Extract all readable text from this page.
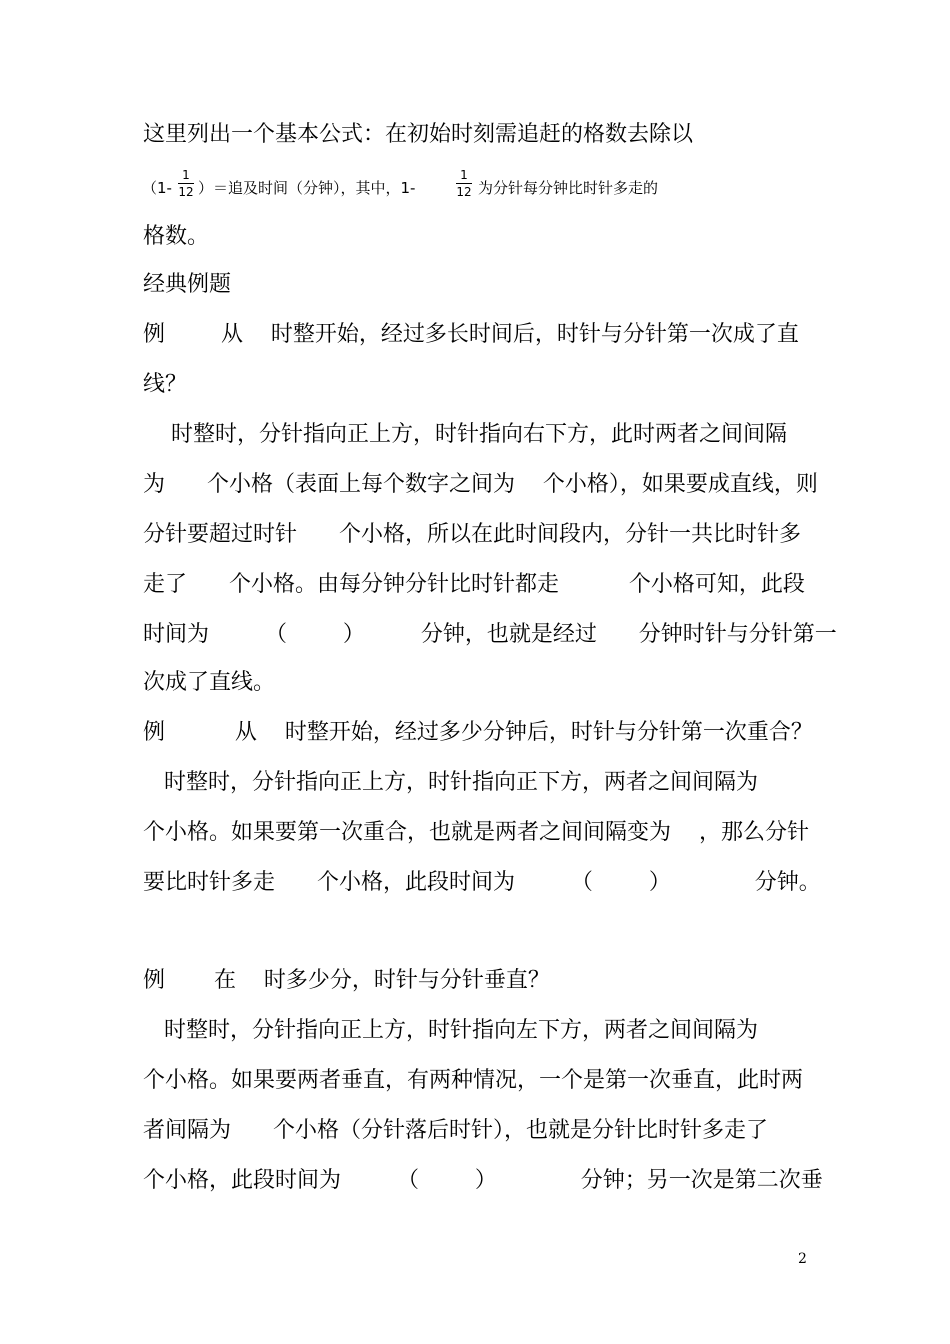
这里列出一个基本公式：在初始时刻需追赶的格数去除以
（1-
1
12 ）＝追及时间（分钟），其中，1-
1
12 为分针每分钟比时针多走的
格数。
经典例题
例        从    时整开始，经过多长时间后，时针与分针第一次成了直
线？
时整时，分针指向正上方，时针指向右下方，此时两者之间间隔
为      个小格（表面上每个数字之间为    个小格），如果要成直线，则
分针要超过时针      个小格，所以在此时间段内，分针一共比时针多
走了      个小格。由每分钟分针比时针都走          个小格可知，此段
时间为        （        ）        分钟，也就是经过      分钟时针与分针第一
次成了直线。
例          从    时整开始，经过多少分钟后，时针与分针第一次重合？
时整时，分针指向正上方，时针指向正下方，两者之间间隔为
个小格。如果要第一次重合，也就是两者之间间隔变为    ，那么分针
要比时针多走      个小格，此段时间为        （        ）            分钟。
例       在    时多少分，时针与分针垂直？
时整时，分针指向正上方，时针指向左下方，两者之间间隔为
个小格。如果要两者垂直，有两种情况，一个是第一次垂直，此时两
者间隔为      个小格（分针落后时针），也就是分针比时针多走了
个小格，此段时间为        （        ）            分钟；另一次是第二次垂
2
